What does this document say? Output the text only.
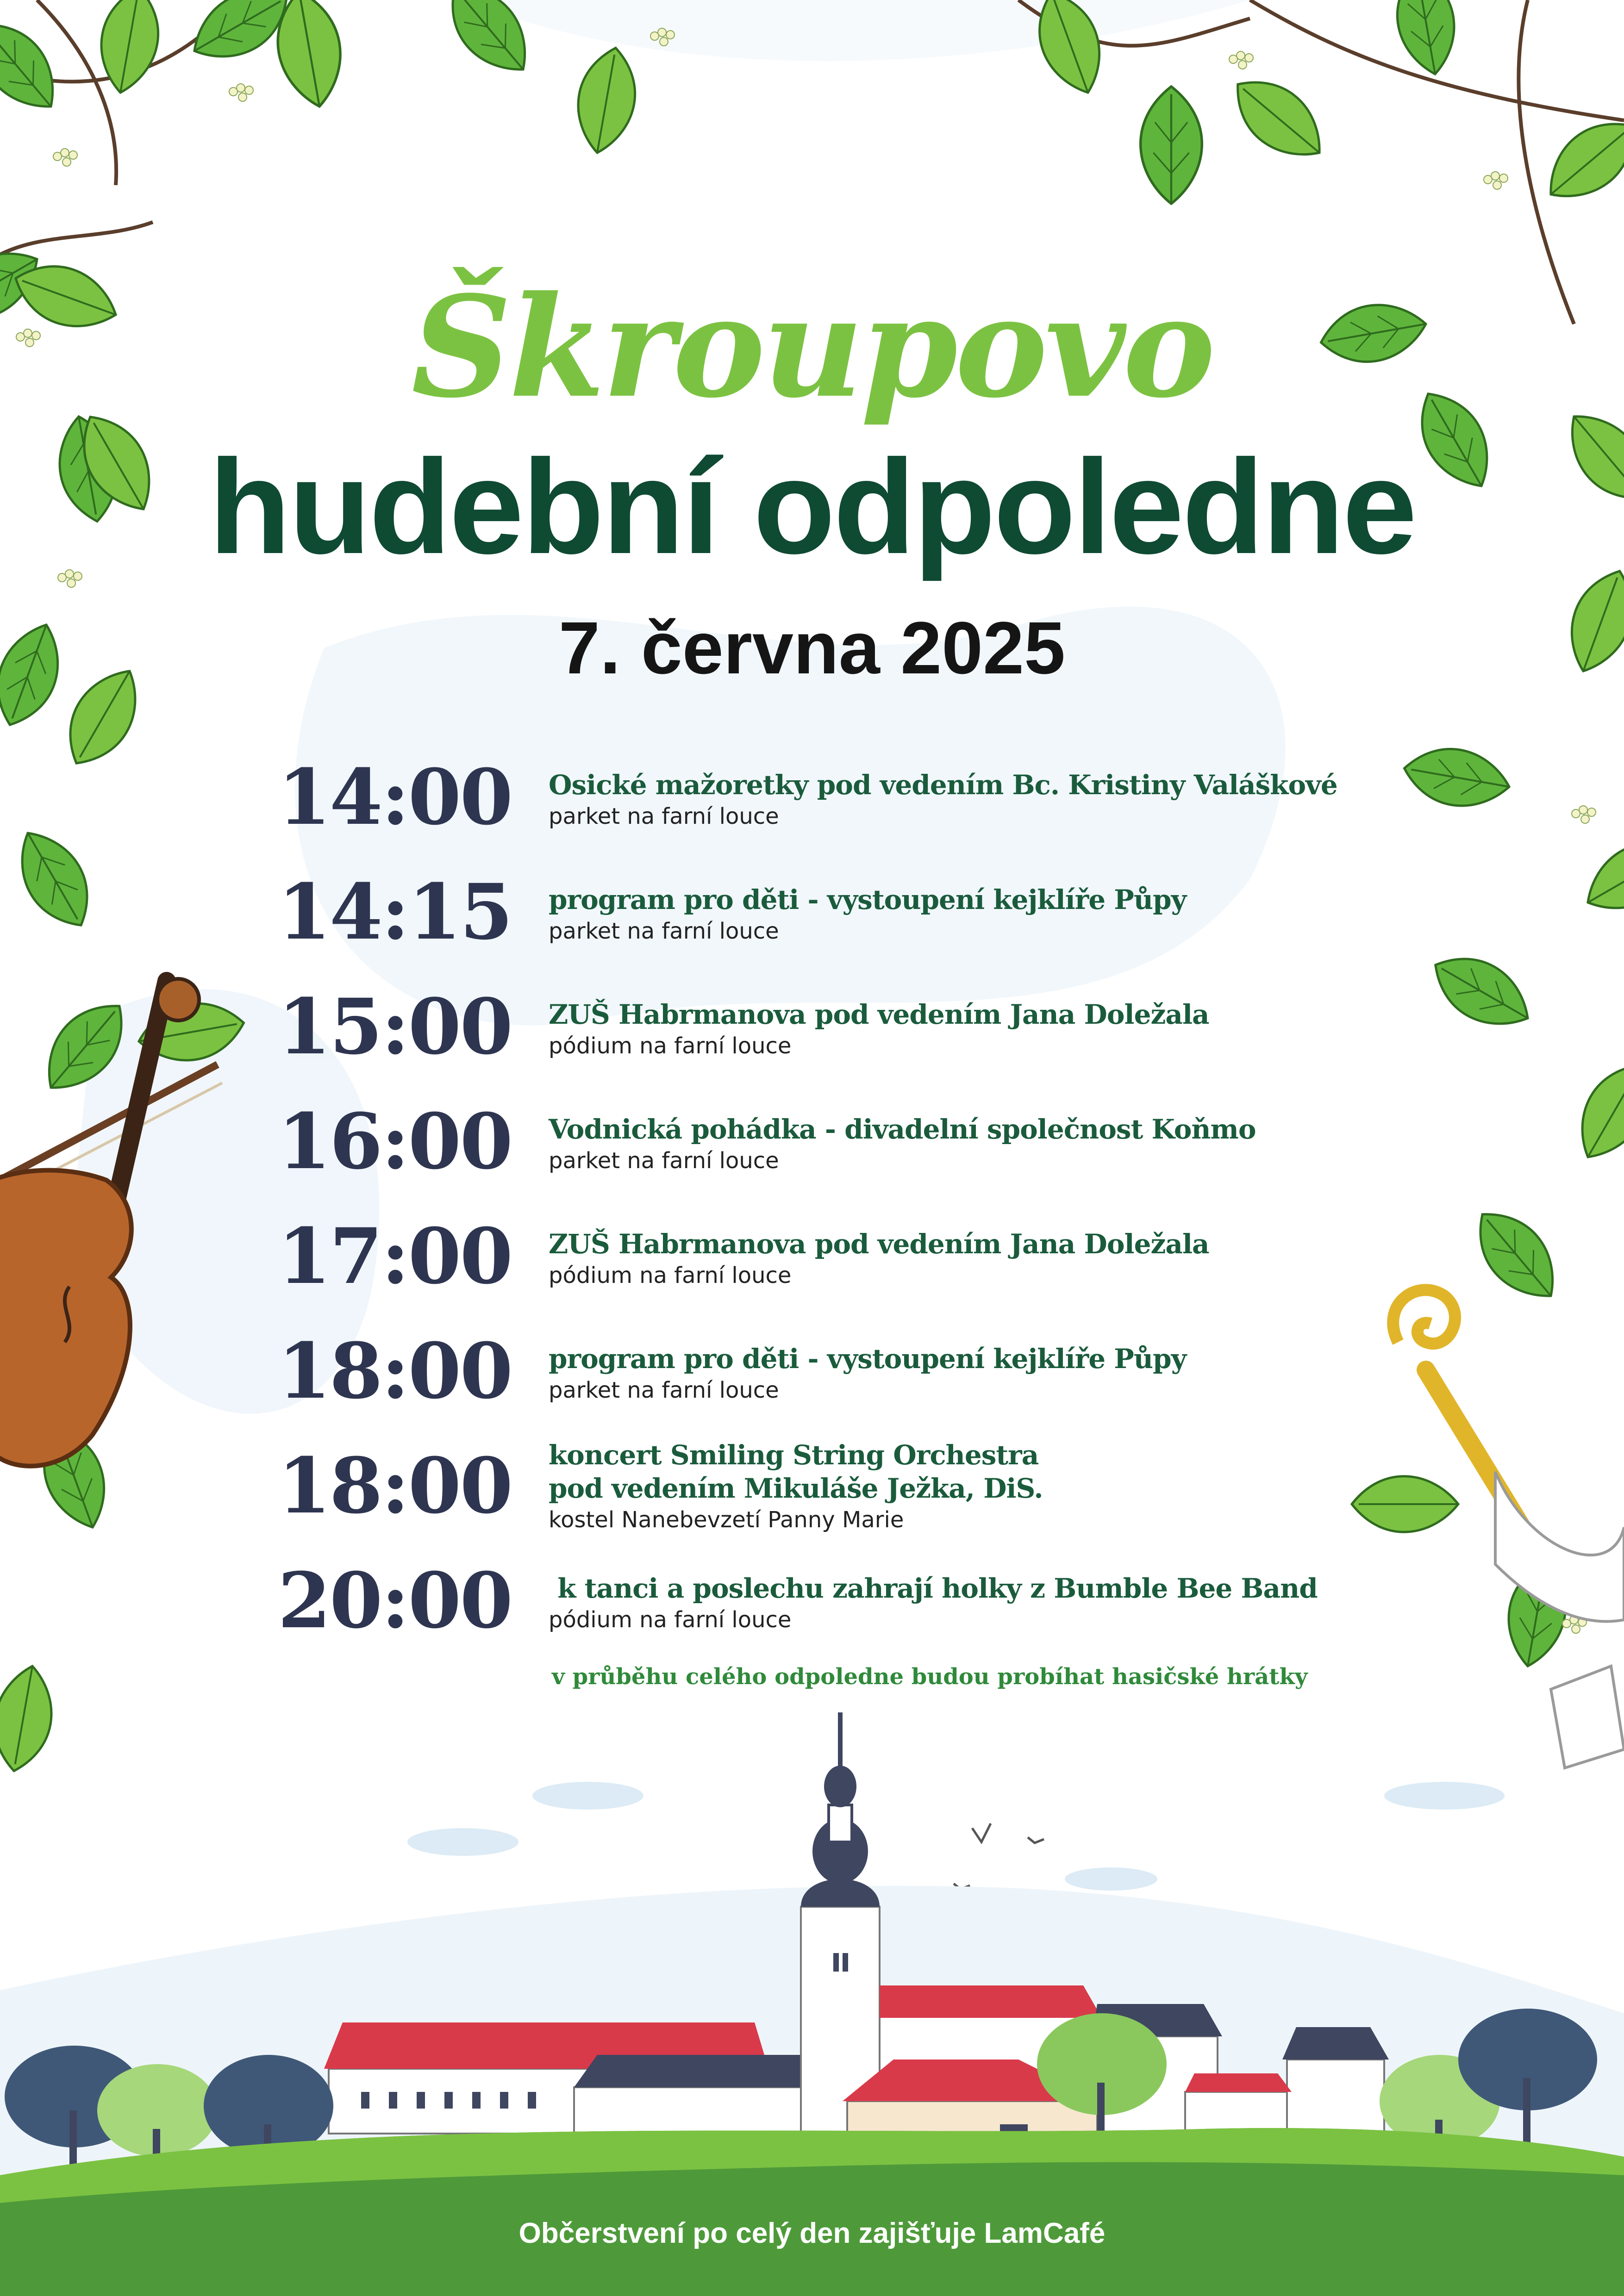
Škroupovo
hudební odpoledne
7. června 2025
14:00 Osické mažoretky pod vedením Bc. Kristiny Valáškové
parket na farní louce
14:15 program pro děti - vystoupení kejklíře Půpy
parket na farní louce
15:00 ZUŠ Habrmanova pod vedením Jana Doležala
pódium na farní louce
16:00 Vodnická pohádka - divadelní společnost Koňmo
parket na farní louce
17:00 ZUŠ Habrmanova pod vedením Jana Doležala
pódium na farní louce
18:00 program pro děti - vystoupení kejklíře Půpy
parket na farní louce
18:00 koncert Smiling String Orchestra
pod vedením Mikuláše Ježka, DiS.
kostel Nanebevzetí Panny Marie
20:00 k tanci a poslechu zahrají holky z Bumble Bee Band
pódium na farní louce
v průběhu celého odpoledne budou probíhat hasičské hrátky
Občerstvení po celý den zajišťuje LamCafé
